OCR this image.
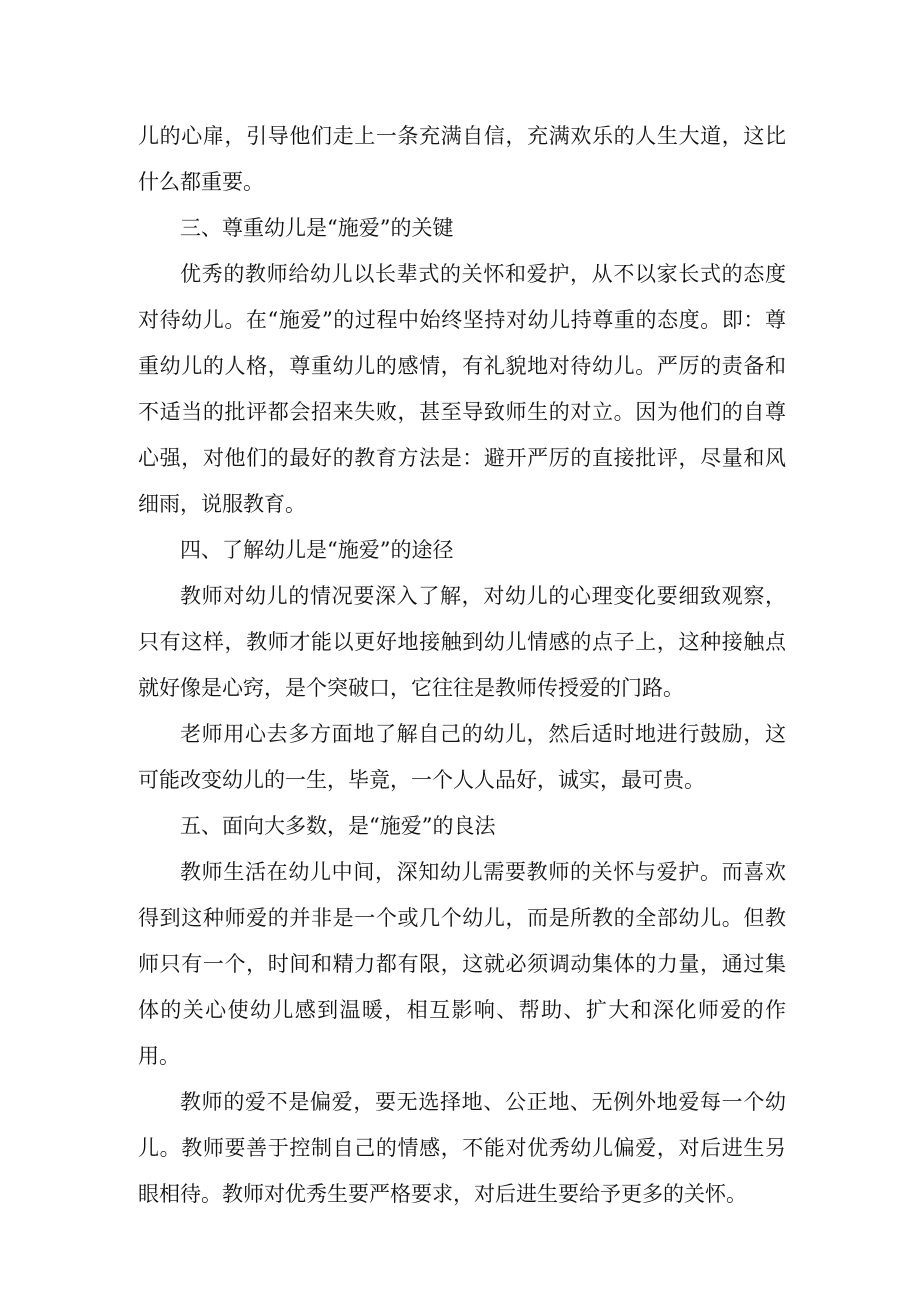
儿的心扉，引导他们走上一条充满自信，充满欢乐的人生大道，这比什么都重要。

三、尊重幼儿是“施爱”的关键

优秀的教师给幼儿以长辈式的关怀和爱护，从不以家长式的态度对待幼儿。在“施爱”的过程中始终坚持对幼儿持尊重的态度。即：尊重幼儿的人格，尊重幼儿的感情，有礼貌地对待幼儿。严厉的责备和不适当的批评都会招来失败，甚至导致师生的对立。因为他们的自尊心强，对他们的最好的教育方法是：避开严厉的直接批评，尽量和风细雨，说服教育。

四、了解幼儿是“施爱”的途径

教师对幼儿的情况要深入了解，对幼儿的心理变化要细致观察，只有这样，教师才能以更好地接触到幼儿情感的点子上，这种接触点就好像是心窍，是个突破口，它往往是教师传授爱的门路。

老师用心去多方面地了解自己的幼儿，然后适时地进行鼓励，这可能改变幼儿的一生，毕竟，一个人人品好，诚实，最可贵。

五、面向大多数，是“施爱”的良法

教师生活在幼儿中间，深知幼儿需要教师的关怀与爱护。而喜欢得到这种师爱的并非是一个或几个幼儿，而是所教的全部幼儿。但教师只有一个，时间和精力都有限，这就必须调动集体的力量，通过集体的关心使幼儿感到温暖，相互影响、帮助、扩大和深化师爱的作用。

教师的爱不是偏爱，要无选择地、公正地、无例外地爱每一个幼儿。教师要善于控制自己的情感，不能对优秀幼儿偏爱，对后进生另眼相待。教师对优秀生要严格要求，对后进生要给予更多的关怀。
